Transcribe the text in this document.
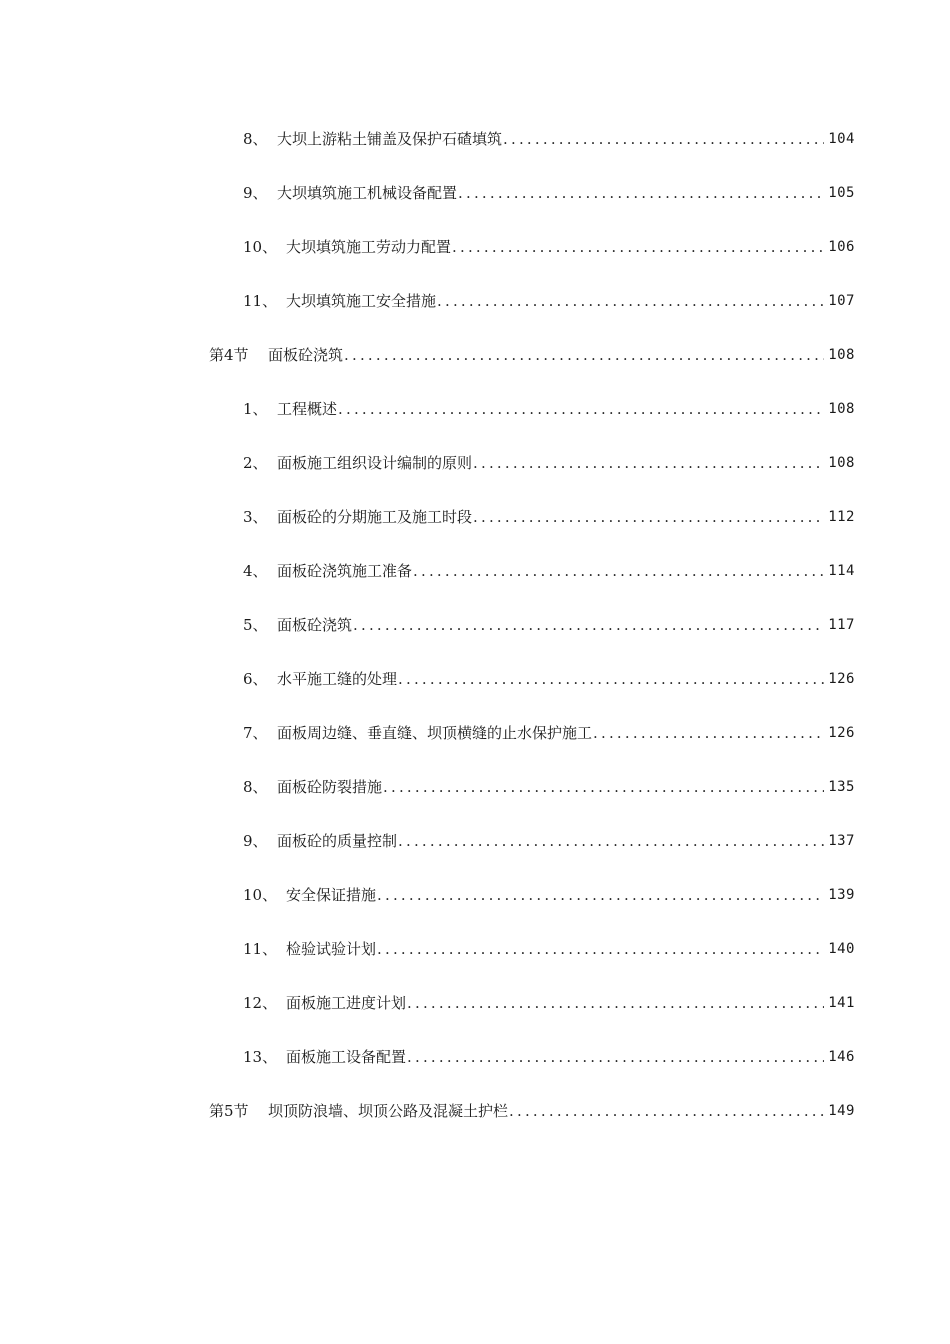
8、 大坝上游粘土铺盖及保护石碴填筑 .....	104
9、 大坝填筑施工机械设备配置 .....	105
10、 大坝填筑施工劳动力配置 .....	106
11、 大坝填筑施工安全措施 .....	107
第4节	面板砼浇筑 .....	108
1、 工程概述 .....	108
2、 面板施工组织设计编制的原则 .....	108
3、 面板砼的分期施工及施工时段 .....	112
4、 面板砼浇筑施工准备 .....	114
5、 面板砼浇筑 .....	117
6、 水平施工缝的处理 .....	126
7、 面板周边缝、垂直缝、坝顶横缝的止水保护施工 .....	126
8、 面板砼防裂措施 .....	135
9、 面板砼的质量控制 .....	137
10、 安全保证措施 .....	139
11、 检验试验计划 .....	140
12、 面板施工进度计划 .....	141
13、 面板施工设备配置 .....	146
第5节	坝顶防浪墙、坝顶公路及混凝土护栏 .....	149
